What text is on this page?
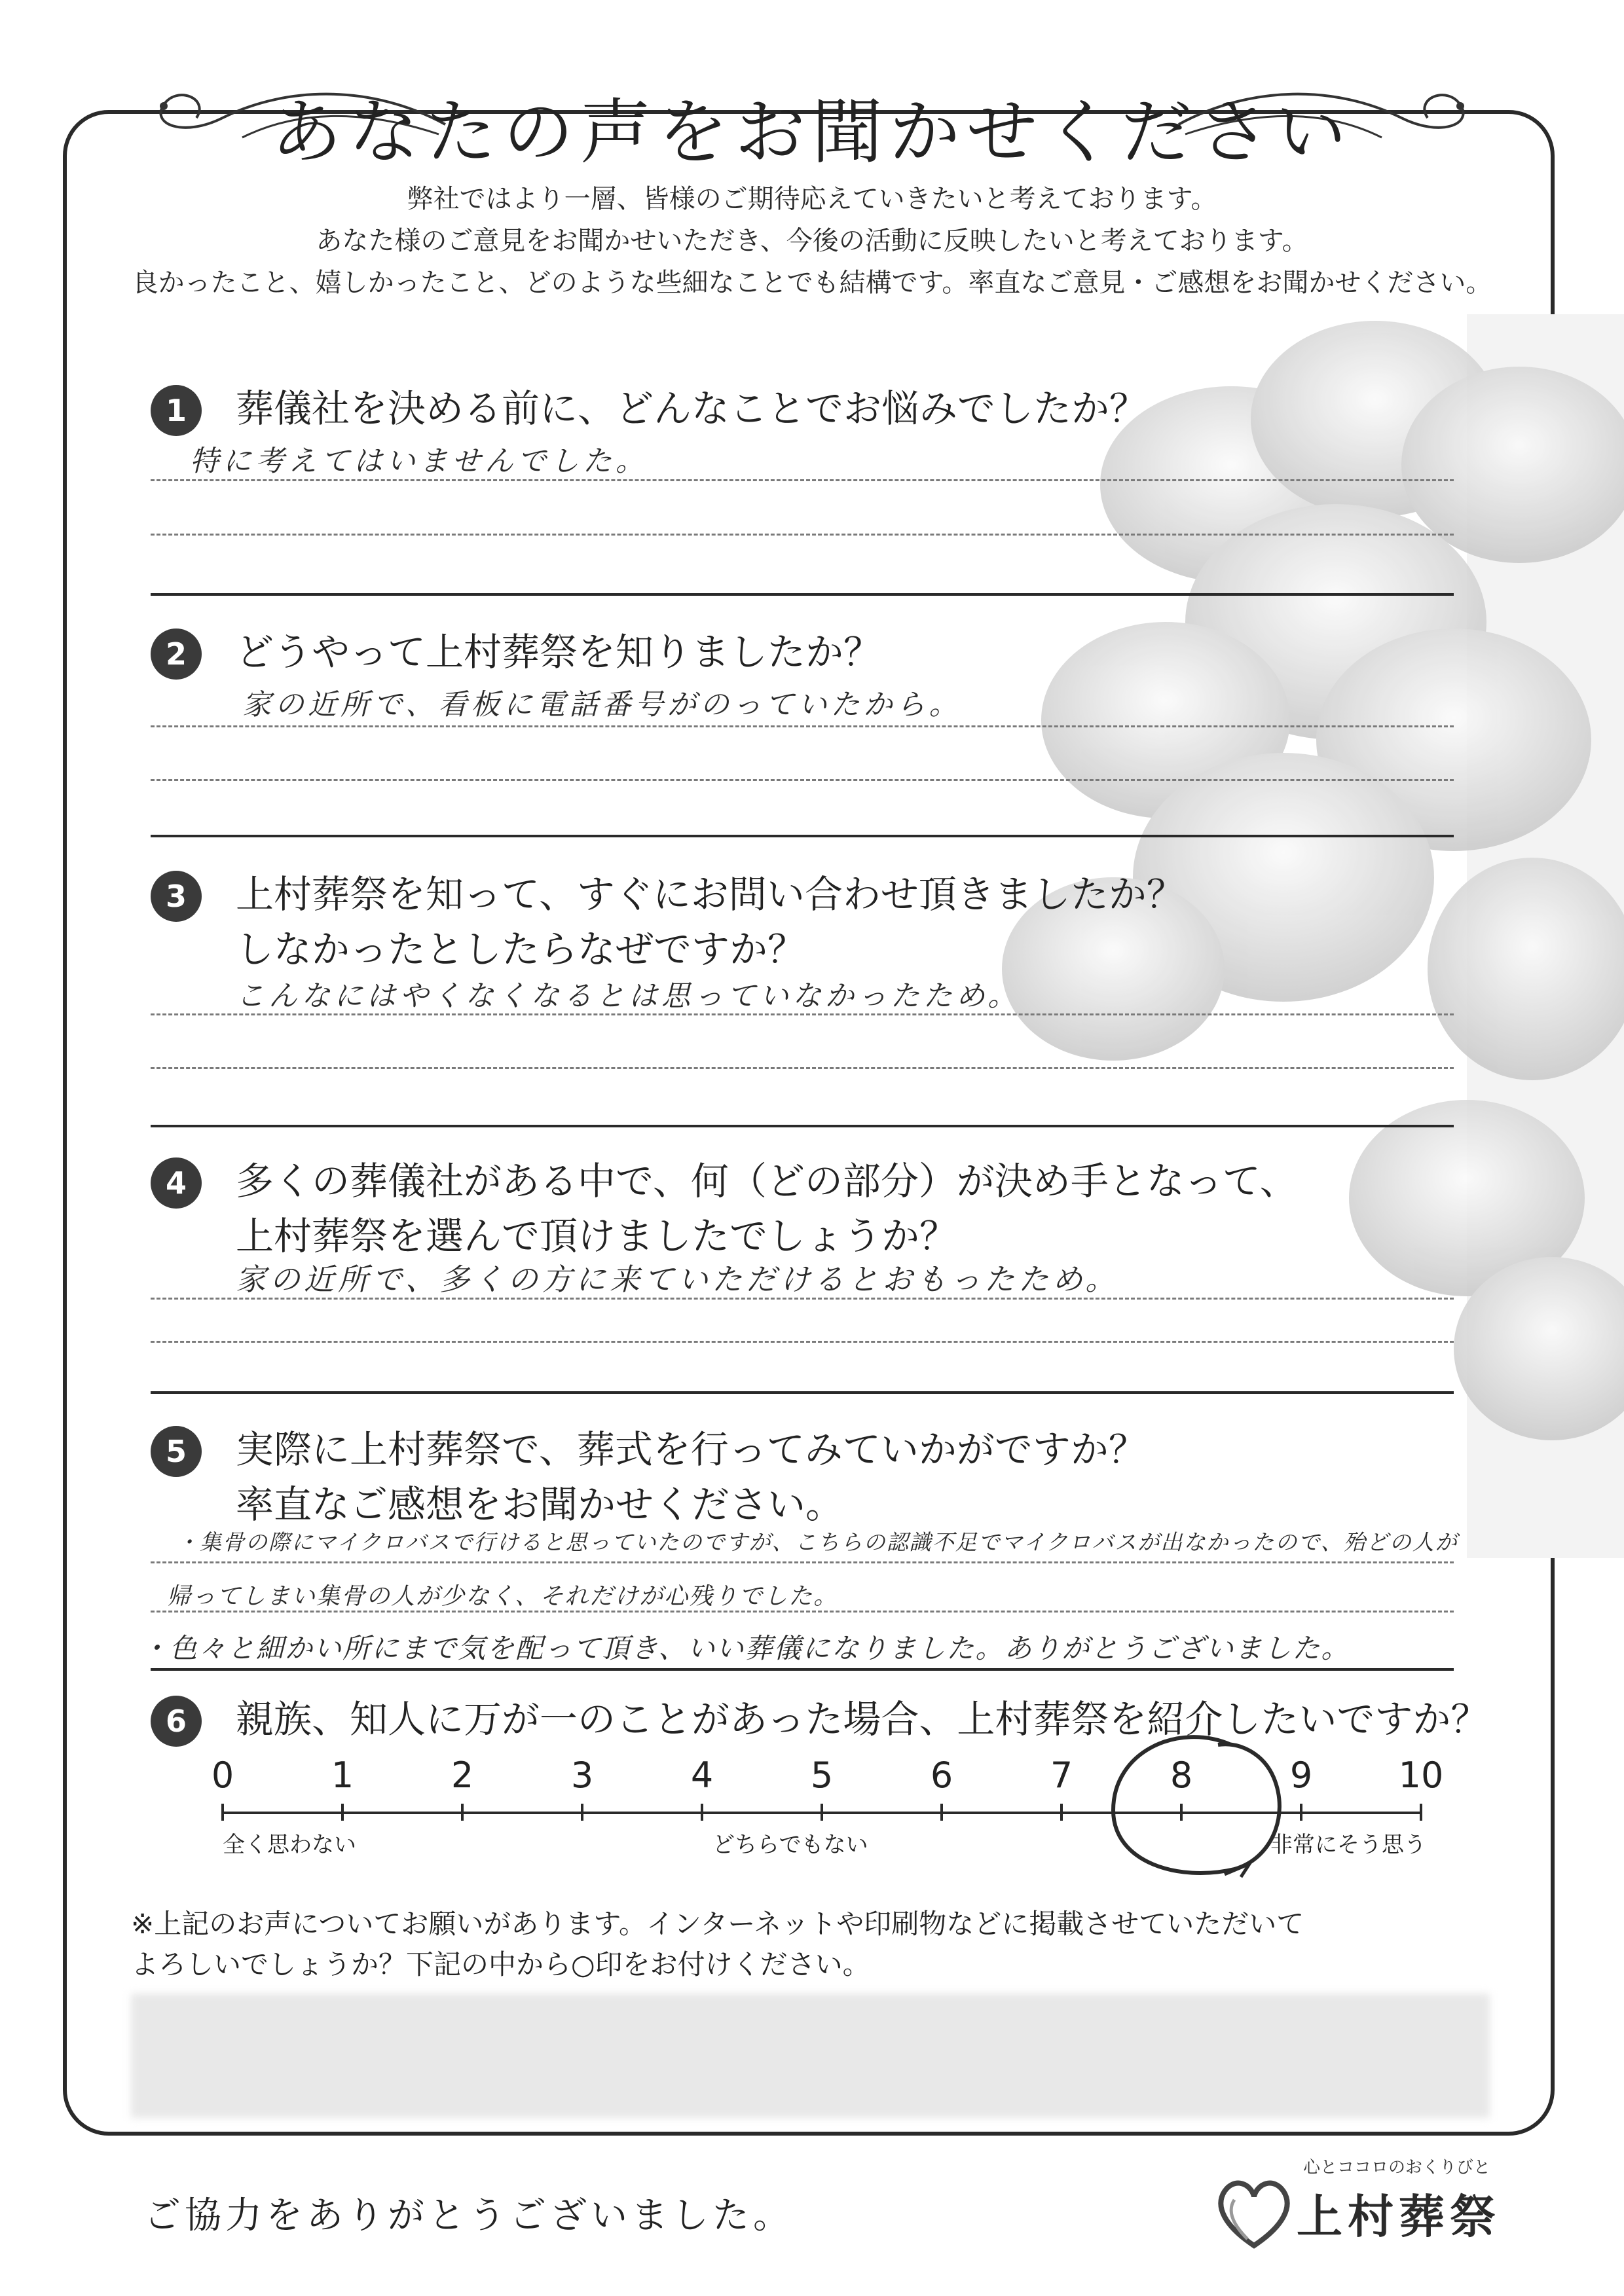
あなたの声をお聞かせください
弊社ではより一層、皆様のご期待応えていきたいと考えております。
あなた様のご意見をお聞かせいただき、今後の活動に反映したいと考えております。
良かったこと、嬉しかったこと、どのような些細なことでも結構です。率直なご意見・ご感想をお聞かせください。
1	葬儀社を決める前に、どんなことでお悩みでしたか？
特に考えてはいませんでした。
2	どうやって上村葬祭を知りましたか？
家の近所で、看板に電話番号がのっていたから。
3	上村葬祭を知って、すぐにお問い合わせ頂きましたか？
しなかったとしたらなぜですか？
こんなにはやくなくなるとは思っていなかったため。
4	多くの葬儀社がある中で、何（どの部分）が決め手となって、
上村葬祭を選んで頂けましたでしょうか？
家の近所で、多くの方に来ていただけるとおもったため。
5	実際に上村葬祭で、葬式を行ってみていかがですか？
率直なご感想をお聞かせください。
・集骨の際にマイクロバスで行けると思っていたのですが、こちらの認識不足でマイクロバスが出なかったので、殆どの人が
帰ってしまい集骨の人が少なく、それだけが心残りでした。
・色々と細かい所にまで気を配って頂き、いい葬儀になりました。ありがとうございました。
6	親族、知人に万が一のことがあった場合、上村葬祭を紹介したいですか？
0	1	2	3	4	5	6	7	8	9	10
全く思わない	どちらでもない	非常にそう思う
※上記のお声についてお願いがあります。インターネットや印刷物などに掲載させていただいて
よろしいでしょうか？下記の中から○印をお付けください。
ご協力をありがとうございました。
心とココロのおくりびと
上村葬祭
